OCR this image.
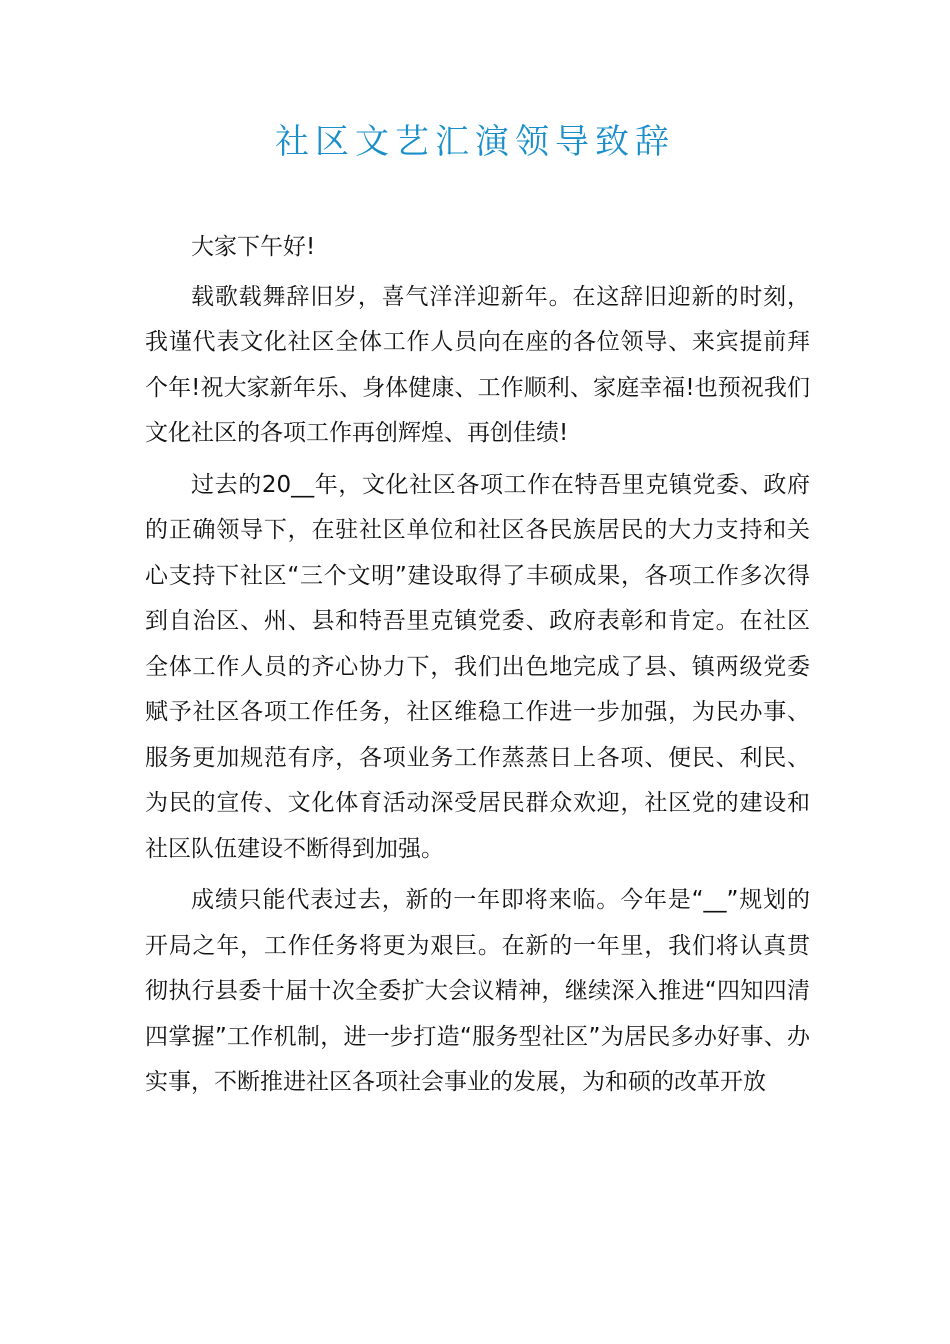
社区文艺汇演领导致辞

大家下午好!

载歌载舞辞旧岁，喜气洋洋迎新年。在这辞旧迎新的时刻，我谨代表文化社区全体工作人员向在座的各位领导、来宾提前拜个年!祝大家新年乐、身体健康、工作顺利、家庭幸福!也预祝我们文化社区的各项工作再创辉煌、再创佳绩!

过去的20__年，文化社区各项工作在特吾里克镇党委、政府的正确领导下，在驻社区单位和社区各民族居民的大力支持和关心支持下社区“三个文明”建设取得了丰硕成果，各项工作多次得到自治区、州、县和特吾里克镇党委、政府表彰和肯定。在社区全体工作人员的齐心协力下，我们出色地完成了县、镇两级党委赋予社区各项工作任务，社区维稳工作进一步加强，为民办事、服务更加规范有序，各项业务工作蒸蒸日上各项、便民、利民、为民的宣传、文化体育活动深受居民群众欢迎，社区党的建设和社区队伍建设不断得到加强。

成绩只能代表过去，新的一年即将来临。今年是“__”规划的开局之年，工作任务将更为艰巨。在新的一年里，我们将认真贯彻执行县委十届十次全委扩大会议精神，继续深入推进“四知四清四掌握”工作机制，进一步打造“服务型社区”为居民多办好事、办实事，不断推进社区各项社会事业的发展，为和硕的改革开放
